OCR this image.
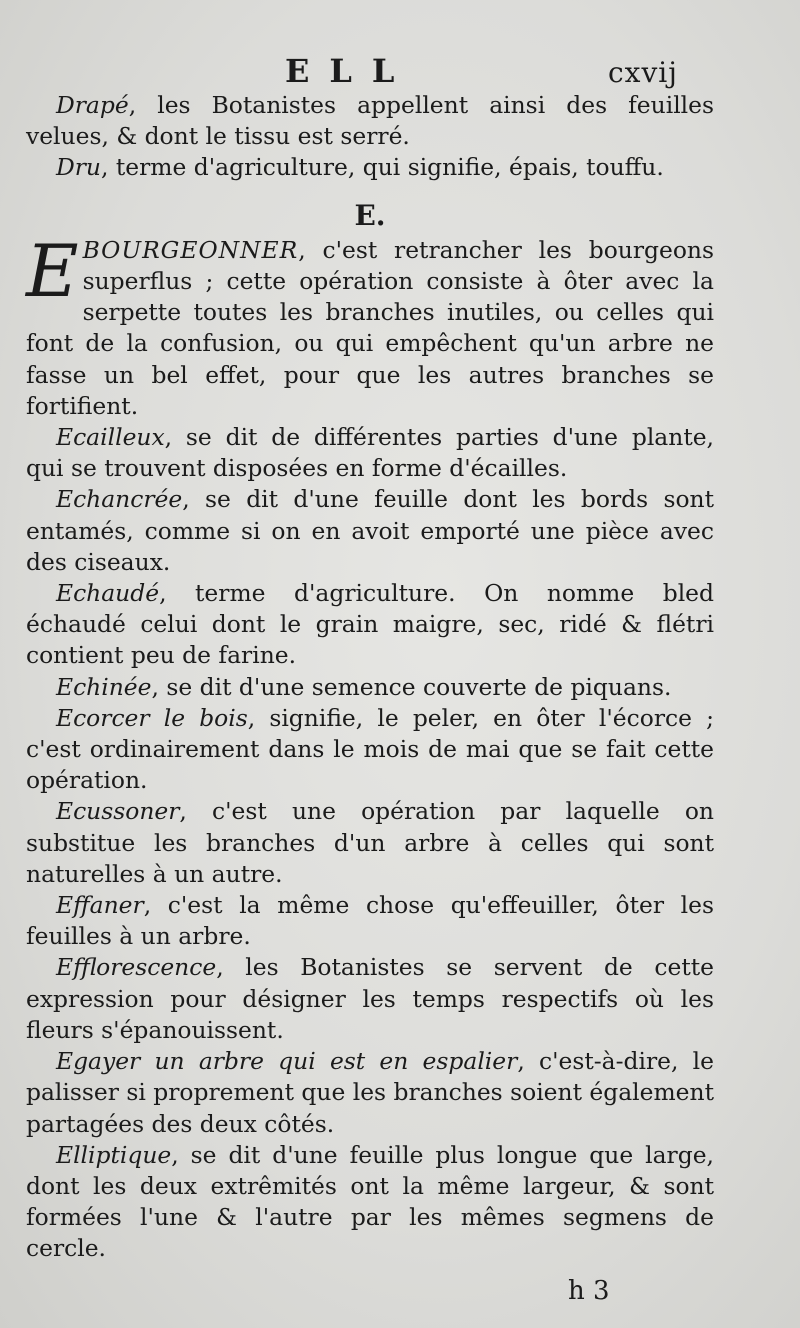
ELL	cxvij

Drapé, les Botanistes appellent ainsi des feuilles velues, & dont le tissu est serré.

Dru, terme d'agriculture, qui signifie, épais, touffu.

E.

EBOURGEONNER, c'est retrancher les bourgeons superflus ; cette opération consiste à ôter avec la serpette toutes les branches inutiles, ou celles qui font de la confusion, ou qui empêchent qu'un arbre ne fasse un bel effet, pour que les autres branches se fortifient.

Ecailleux, se dit de différentes parties d'une plante, qui se trouvent disposées en forme d'écailles.

Echancrée, se dit d'une feuille dont les bords sont entamés, comme si on en avoit emporté une pièce avec des ciseaux.

Echaudé, terme d'agriculture. On nomme bled échaudé celui dont le grain maigre, sec, ridé & flétri contient peu de farine.

Echinée, se dit d'une semence couverte de piquans.

Ecorcer le bois, signifie, le peler, en ôter l'écorce ; c'est ordinairement dans le mois de mai que se fait cette opération.

Ecussoner, c'est une opération par laquelle on substitue les branches d'un arbre à celles qui sont naturelles à un autre.

Effaner, c'est la même chose qu'effeuiller, ôter les feuilles à un arbre.

Efflorescence, les Botanistes se servent de cette expression pour désigner les temps respectifs où les fleurs s'épanouissent.

Egayer un arbre qui est en espalier, c'est-à-dire, le palisser si proprement que les branches soient également partagées des deux côtés.

Elliptique, se dit d'une feuille plus longue que large, dont les deux extrêmités ont la même largeur, & sont formées l'une & l'autre par les mêmes segmens de cercle.

h 3
